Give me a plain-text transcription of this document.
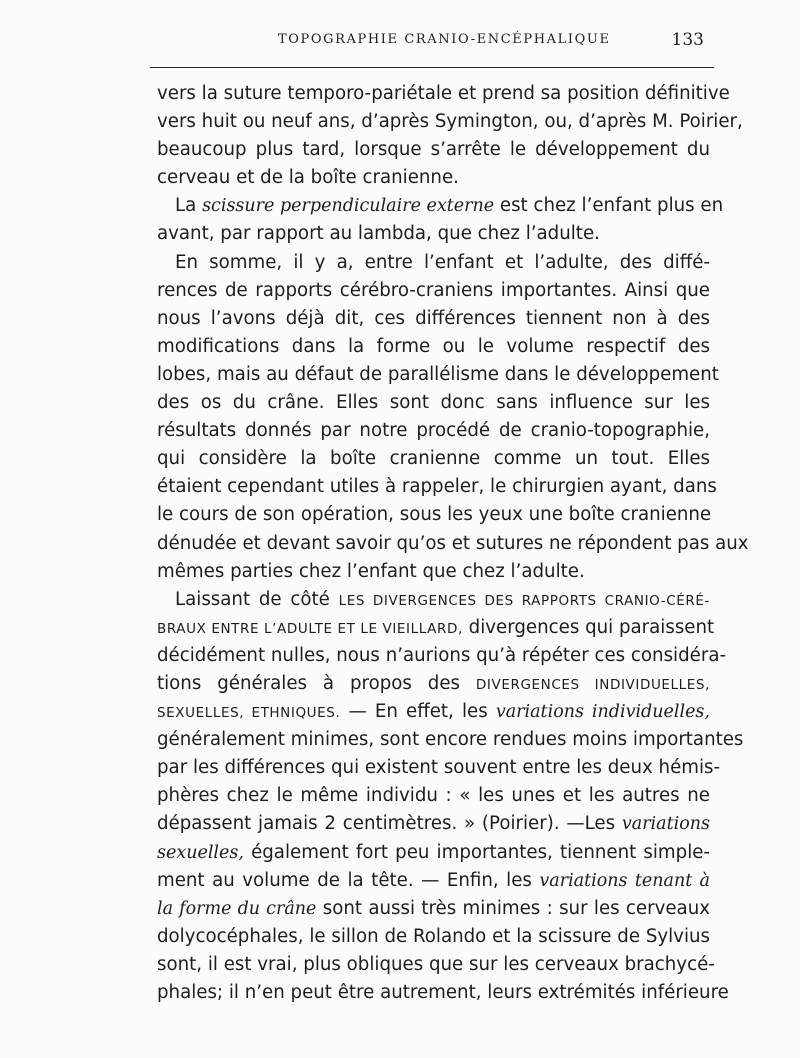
TOPOGRAPHIE CRANIO-ENCÉPHALIQUE	133
vers la suture temporo-pariétale et prend sa position définitive
vers huit ou neuf ans, d’après Symington, ou, d’après M. Poirier,
beaucoup plus tard, lorsque s’arrête le développement du
cerveau et de la boîte cranienne.
La scissure perpendiculaire externe est chez l’enfant plus en
avant, par rapport au lambda, que chez l’adulte.
En somme, il y a, entre l’enfant et l’adulte, des diffé-
rences de rapports cérébro-craniens importantes. Ainsi que
nous l’avons déjà dit, ces différences tiennent non à des
modifications dans la forme ou le volume respectif des
lobes, mais au défaut de parallélisme dans le développement
des os du crâne. Elles sont donc sans influence sur les
résultats donnés par notre procédé de cranio-topographie,
qui considère la boîte cranienne comme un tout. Elles
étaient cependant utiles à rappeler, le chirurgien ayant, dans
le cours de son opération, sous les yeux une boîte cranienne
dénudée et devant savoir qu’os et sutures ne répondent pas aux
mêmes parties chez l’enfant que chez l’adulte.
Laissant de côté LES DIVERGENCES DES RAPPORTS CRANIO-CÉRÉ-
BRAUX ENTRE L’ADULTE ET LE VIEILLARD, divergences qui paraissent
décidément nulles, nous n’aurions qu’à répéter ces considéra-
tions générales à propos des DIVERGENCES INDIVIDUELLES,
SEXUELLES, ETHNIQUES. — En effet, les variations individuelles,
généralement minimes, sont encore rendues moins importantes
par les différences qui existent souvent entre les deux hémis-
phères chez le même individu : « les unes et les autres ne
dépassent jamais 2 centimètres. » (Poirier). —Les variations
sexuelles, également fort peu importantes, tiennent simple-
ment au volume de la tête. — Enfin, les variations tenant à
la forme du crâne sont aussi très minimes : sur les cerveaux
dolycocéphales, le sillon de Rolando et la scissure de Sylvius
sont, il est vrai, plus obliques que sur les cerveaux brachycé-
phales; il n’en peut être autrement, leurs extrémités inférieure
